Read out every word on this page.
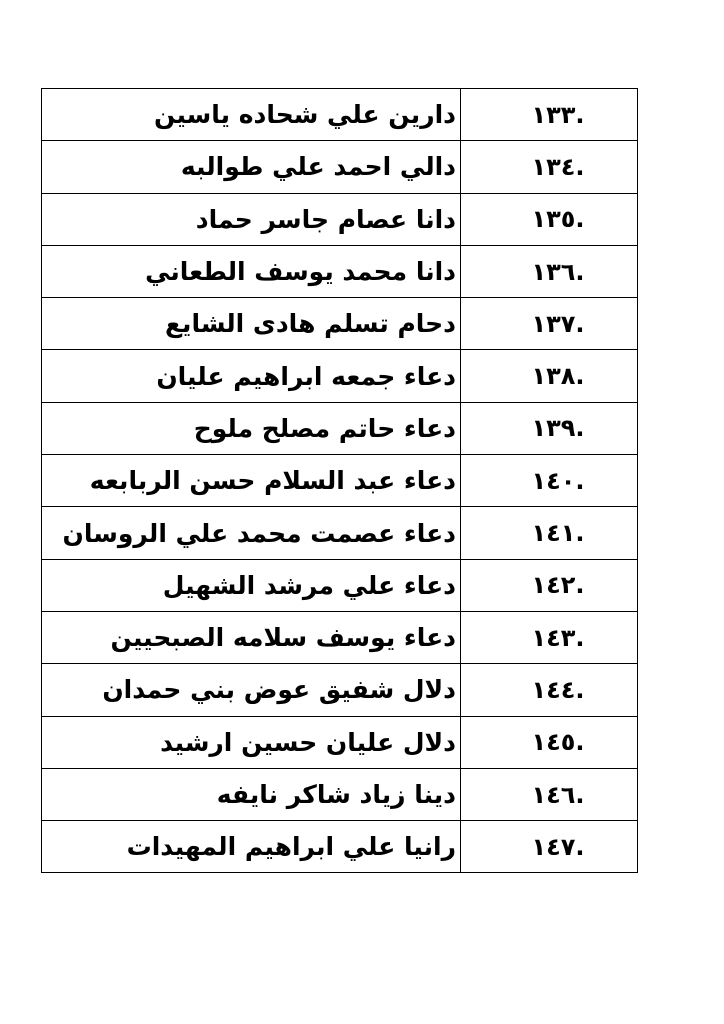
.١٣٣	دارين علي شحاده ياسين
.١٣٤	دالي احمد علي طوالبه
.١٣٥	دانا عصام جاسر حماد
.١٣٦	دانا محمد يوسف الطعاني
.١٣٧	دحام تسلم هادى الشايع
.١٣٨	دعاء جمعه ابراهيم عليان
.١٣٩	دعاء حاتم مصلح ملوح
.١٤٠	دعاء عبد السلام حسن الربابعه
.١٤١	دعاء عصمت محمد علي الروسان
.١٤٢	دعاء علي مرشد الشهيل
.١٤٣	دعاء يوسف سلامه الصبحيين
.١٤٤	دلال شفيق عوض بني حمدان
.١٤٥	دلال عليان حسين ارشيد
.١٤٦	دينا زياد شاكر نايفه
.١٤٧	رانيا علي ابراهيم المهيدات
